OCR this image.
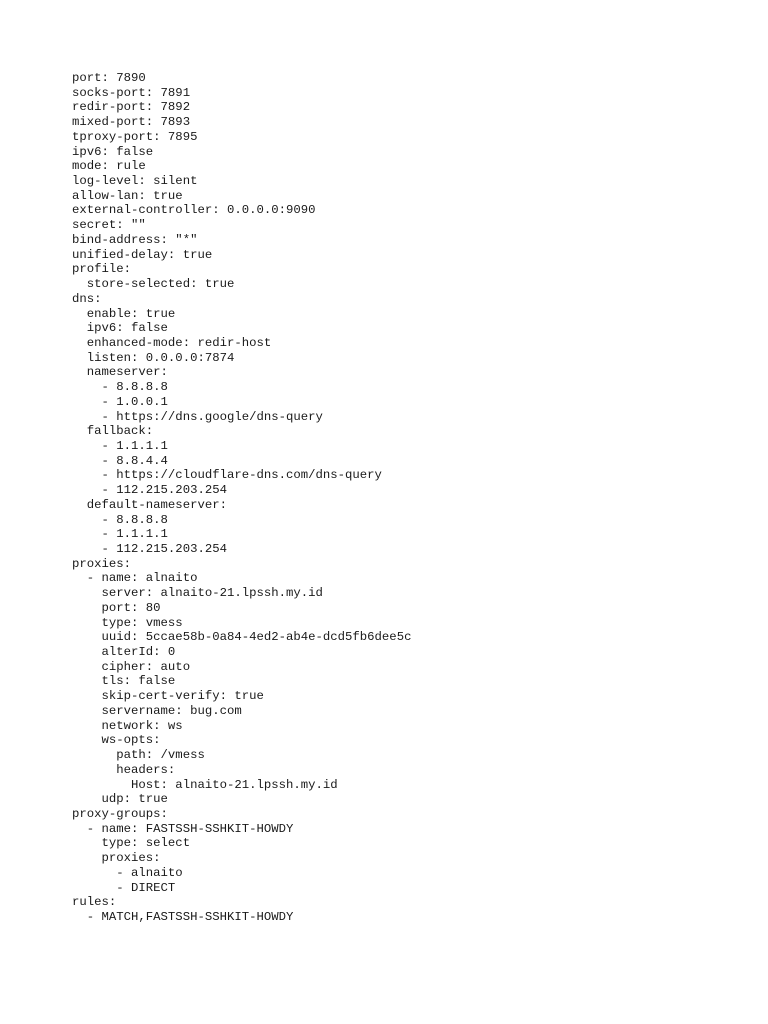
port: 7890
socks-port: 7891
redir-port: 7892
mixed-port: 7893
tproxy-port: 7895
ipv6: false
mode: rule
log-level: silent
allow-lan: true
external-controller: 0.0.0.0:9090
secret: ""
bind-address: "*"
unified-delay: true
profile:
store-selected: true
dns:
enable: true
ipv6: false
enhanced-mode: redir-host
listen: 0.0.0.0:7874
nameserver:
- 8.8.8.8
- 1.0.0.1
- https://dns.google/dns-query
fallback:
- 1.1.1.1
- 8.8.4.4
- https://cloudflare-dns.com/dns-query
- 112.215.203.254
default-nameserver:
- 8.8.8.8
- 1.1.1.1
- 112.215.203.254
proxies:
- name: alnaito
server: alnaito-21.lpssh.my.id
port: 80
type: vmess
uuid: 5ccae58b-0a84-4ed2-ab4e-dcd5fb6dee5c
alterId: 0
cipher: auto
tls: false
skip-cert-verify: true
servername: bug.com
network: ws
ws-opts:
path: /vmess
headers:
Host: alnaito-21.lpssh.my.id
udp: true
proxy-groups:
- name: FASTSSH-SSHKIT-HOWDY
type: select
proxies:
- alnaito
- DIRECT
rules:
- MATCH,FASTSSH-SSHKIT-HOWDY
